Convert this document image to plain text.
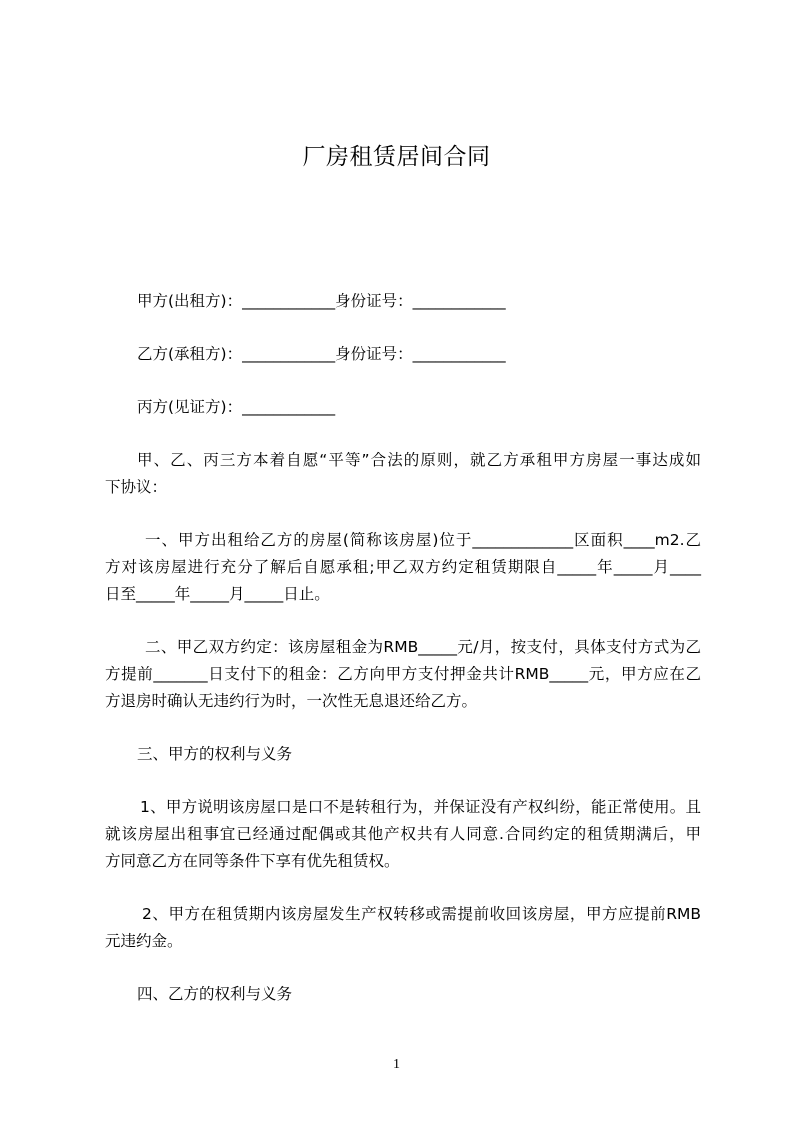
厂房租赁居间合同

甲方(出租方)：____________身份证号：____________

乙方(承租方)：____________身份证号：____________

丙方(见证方)：____________

甲、乙、丙三方本着自愿“平等”合法的原则，就乙方承租甲方房屋一事达成如
下协议：

一、甲方出租给乙方的房屋(简称该房屋)位于_____________区面积____m2.乙
方对该房屋进行充分了解后自愿承租;甲乙双方约定租赁期限自_____年_____月____
日至_____年_____月_____日止。

二、甲乙双方约定：该房屋租金为RMB_____元/月，按支付，具体支付方式为乙
方提前_______日支付下的租金：乙方向甲方支付押金共计RMB_____元，甲方应在乙
方退房时确认无违约行为时，一次性无息退还给乙方。

三、甲方的权利与义务

1、甲方说明该房屋口是口不是转租行为，并保证没有产权纠纷，能正常使用。且
就该房屋出租事宜已经通过配偶或其他产权共有人同意.合同约定的租赁期满后，甲
方同意乙方在同等条件下享有优先租赁权。

2、甲方在租赁期内该房屋发生产权转移或需提前收回该房屋，甲方应提前RMB
元违约金。

四、乙方的权利与义务

1
